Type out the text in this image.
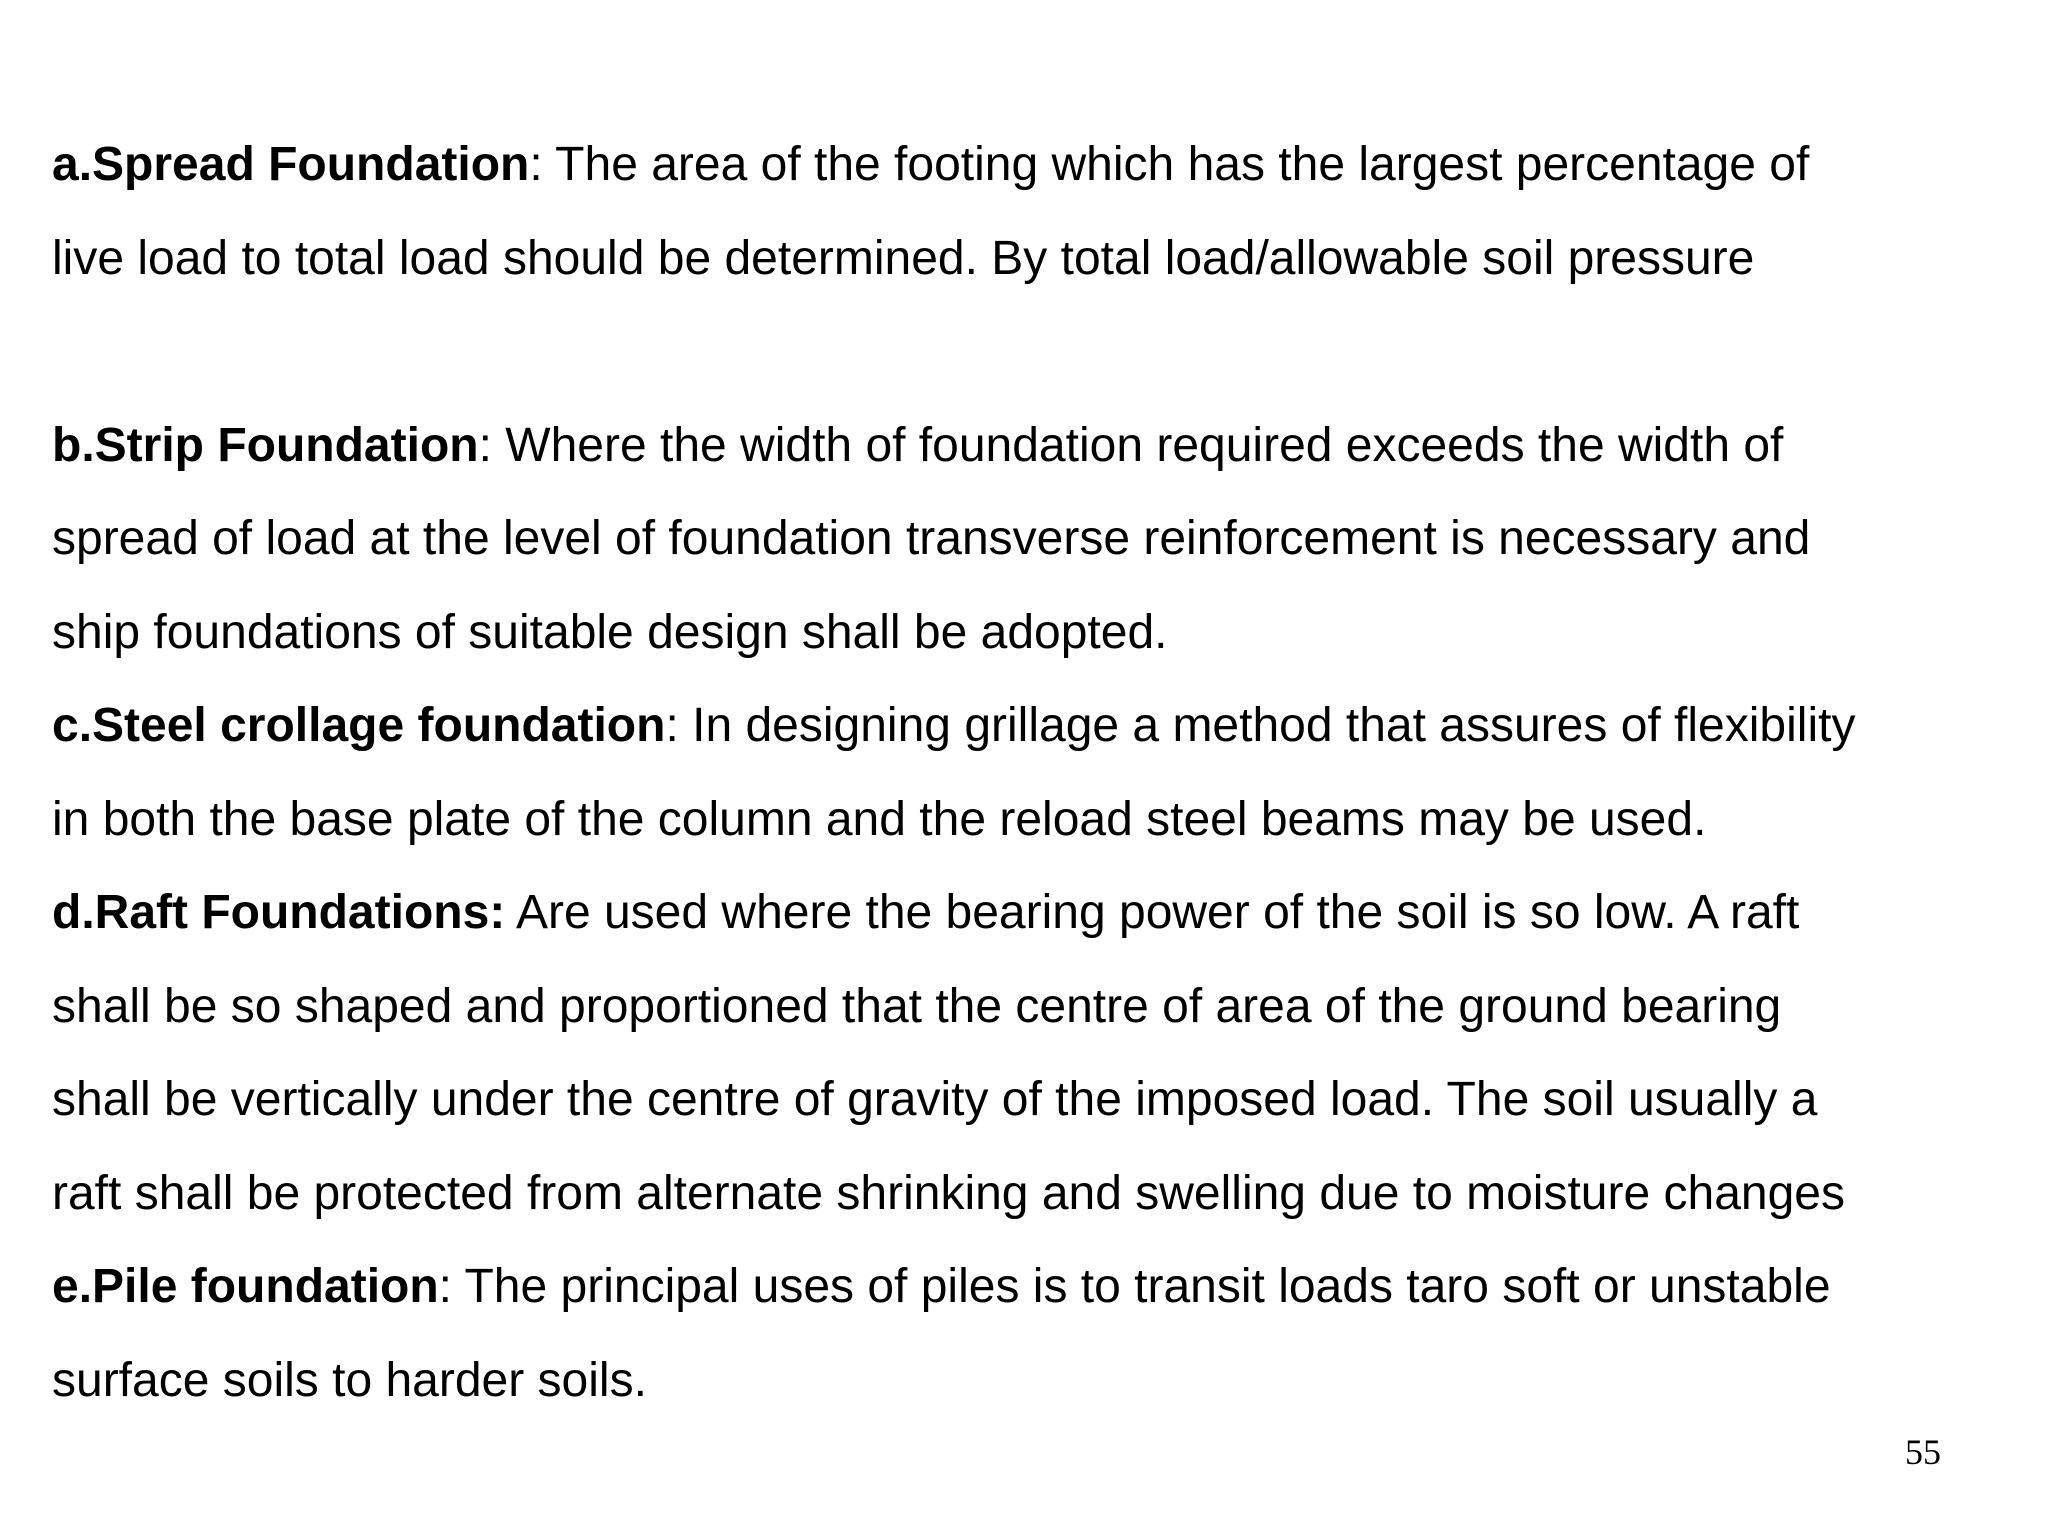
a.Spread Foundation: The area of the footing which has the largest percentage of
live load to total load should be determined. By total load/allowable soil pressure
b.Strip Foundation: Where the width of foundation required exceeds the width of
spread of load at the level of foundation transverse reinforcement is necessary and
ship foundations of suitable design shall be adopted.
c.Steel crollage foundation: In designing grillage a method that assures of flexibility
in both the base plate of the column and the reload steel beams may be used.
d.Raft Foundations: Are used where the bearing power of the soil is so low. A raft
shall be so shaped and proportioned that the centre of area of the ground bearing
shall be vertically under the centre of gravity of the imposed load. The soil usually a
raft shall be protected from alternate shrinking and swelling due to moisture changes
e.Pile foundation: The principal uses of piles is to transit loads taro soft or unstable
surface soils to harder soils.
55
